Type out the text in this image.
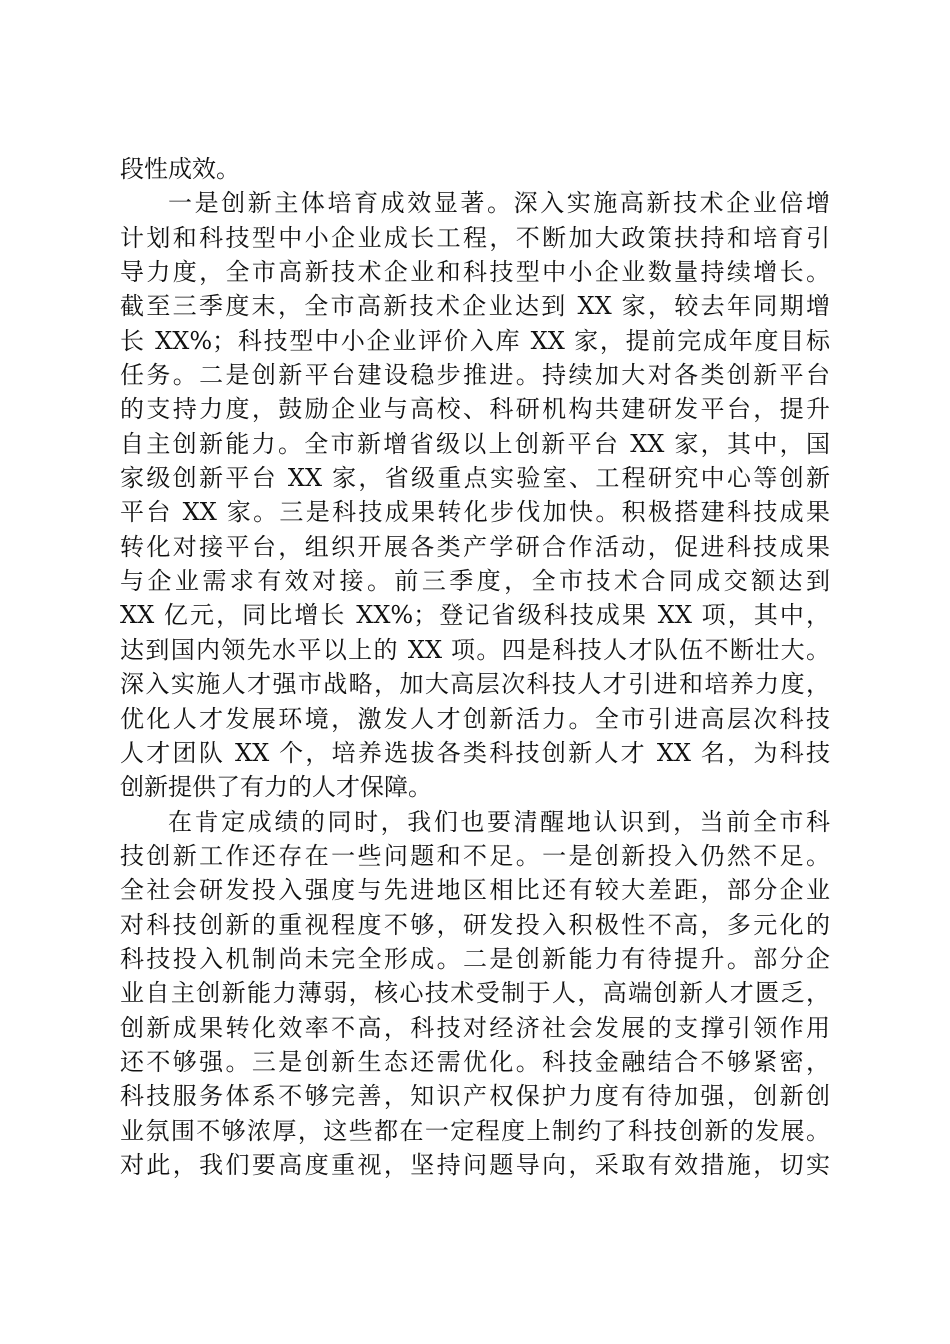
段性成效。
一是创新主体培育成效显著。深入实施高新技术企业倍增
计划和科技型中小企业成长工程，不断加大政策扶持和培育引
导力度，全市高新技术企业和科技型中小企业数量持续增长。
截至三季度末，全市高新技术企业达到 XX 家，较去年同期增
长 XX%；科技型中小企业评价入库 XX 家，提前完成年度目标
任务。二是创新平台建设稳步推进。持续加大对各类创新平台
的支持力度，鼓励企业与高校、科研机构共建研发平台，提升
自主创新能力。全市新增省级以上创新平台 XX 家，其中，国
家级创新平台 XX 家，省级重点实验室、工程研究中心等创新
平台 XX 家。三是科技成果转化步伐加快。积极搭建科技成果
转化对接平台，组织开展各类产学研合作活动，促进科技成果
与企业需求有效对接。前三季度，全市技术合同成交额达到
XX 亿元，同比增长 XX%；登记省级科技成果 XX 项，其中，
达到国内领先水平以上的 XX 项。四是科技人才队伍不断壮大。
深入实施人才强市战略，加大高层次科技人才引进和培养力度，
优化人才发展环境，激发人才创新活力。全市引进高层次科技
人才团队 XX 个，培养选拔各类科技创新人才 XX 名，为科技
创新提供了有力的人才保障。
在肯定成绩的同时，我们也要清醒地认识到，当前全市科
技创新工作还存在一些问题和不足。一是创新投入仍然不足。
全社会研发投入强度与先进地区相比还有较大差距，部分企业
对科技创新的重视程度不够，研发投入积极性不高，多元化的
科技投入机制尚未完全形成。二是创新能力有待提升。部分企
业自主创新能力薄弱，核心技术受制于人，高端创新人才匮乏，
创新成果转化效率不高，科技对经济社会发展的支撑引领作用
还不够强。三是创新生态还需优化。科技金融结合不够紧密，
科技服务体系不够完善，知识产权保护力度有待加强，创新创
业氛围不够浓厚，这些都在一定程度上制约了科技创新的发展。
对此，我们要高度重视，坚持问题导向，采取有效措施，切实
